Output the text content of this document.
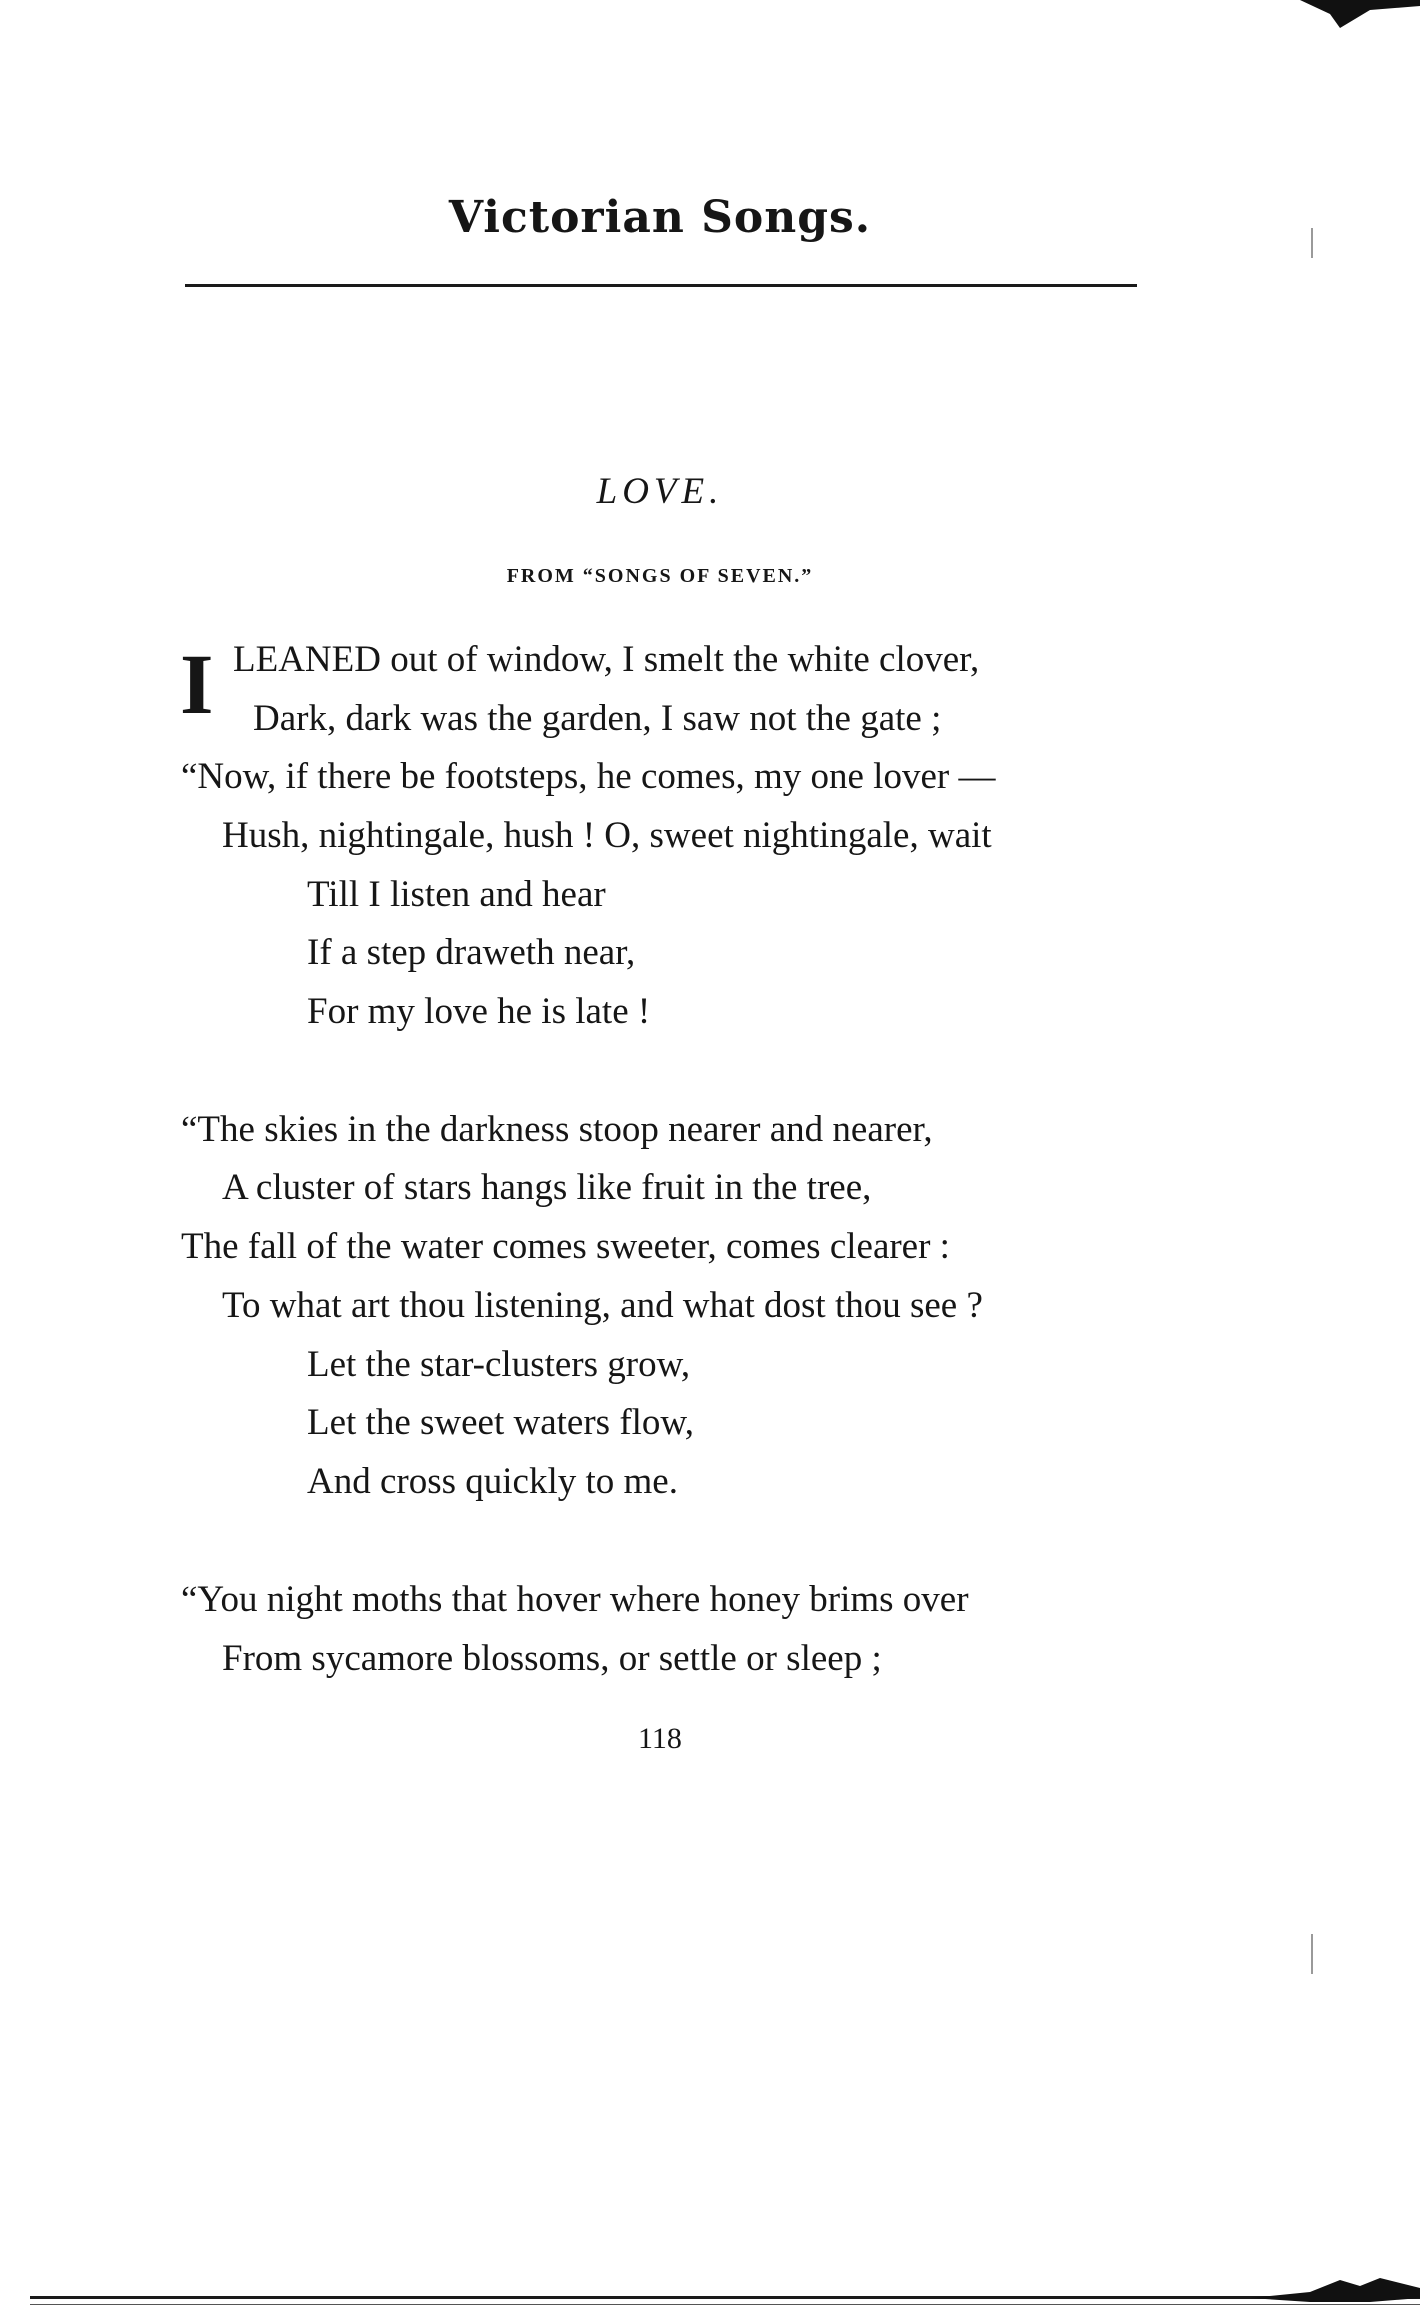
Victorian Songs.
LOVE.
FROM “SONGS OF SEVEN.”
I LEANED out of window, I smelt the white clover,
Dark, dark was the garden, I saw not the gate ;
“Now, if there be footsteps, he comes, my one lover —
Hush, nightingale, hush ! O, sweet nightingale, wait
Till I listen and hear
If a step draweth near,
For my love he is late !
“The skies in the darkness stoop nearer and nearer,
A cluster of stars hangs like fruit in the tree,
The fall of the water comes sweeter, comes clearer :
To what art thou listening, and what dost thou see ?
Let the star-clusters grow,
Let the sweet waters flow,
And cross quickly to me.
“You night moths that hover where honey brims over
From sycamore blossoms, or settle or sleep ;
118
